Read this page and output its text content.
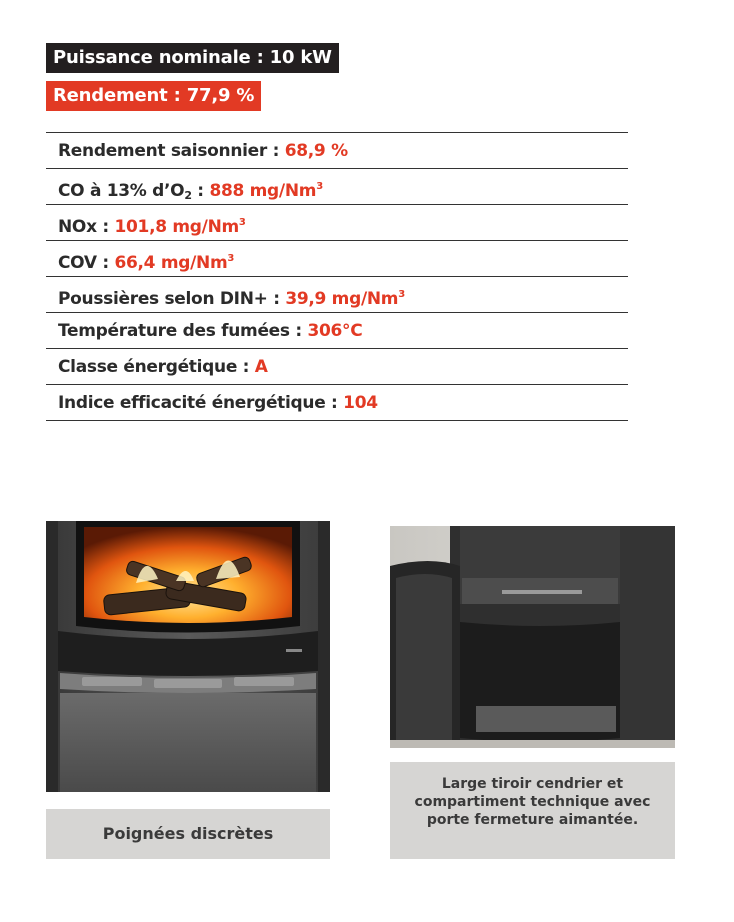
Puissance nominale : 10 kW
Rendement : 77,9 %
Rendement saisonnier : 68,9 %
CO à 13% $d’O_2$ : 888 mg/Nm$^3$
NOx : 101,8 mg/Nm$^3$
COV : 66,4 mg/Nm$^3$
Poussières selon DIN+ : 39,9 mg/Nm$^3$
Température des fumées : 306°C
Classe énergétique : A
Indice efficacité énergétique : 104
Poignées discrètes
Large tiroir cendrier et compartiment technique avec porte fermeture aimantée.
